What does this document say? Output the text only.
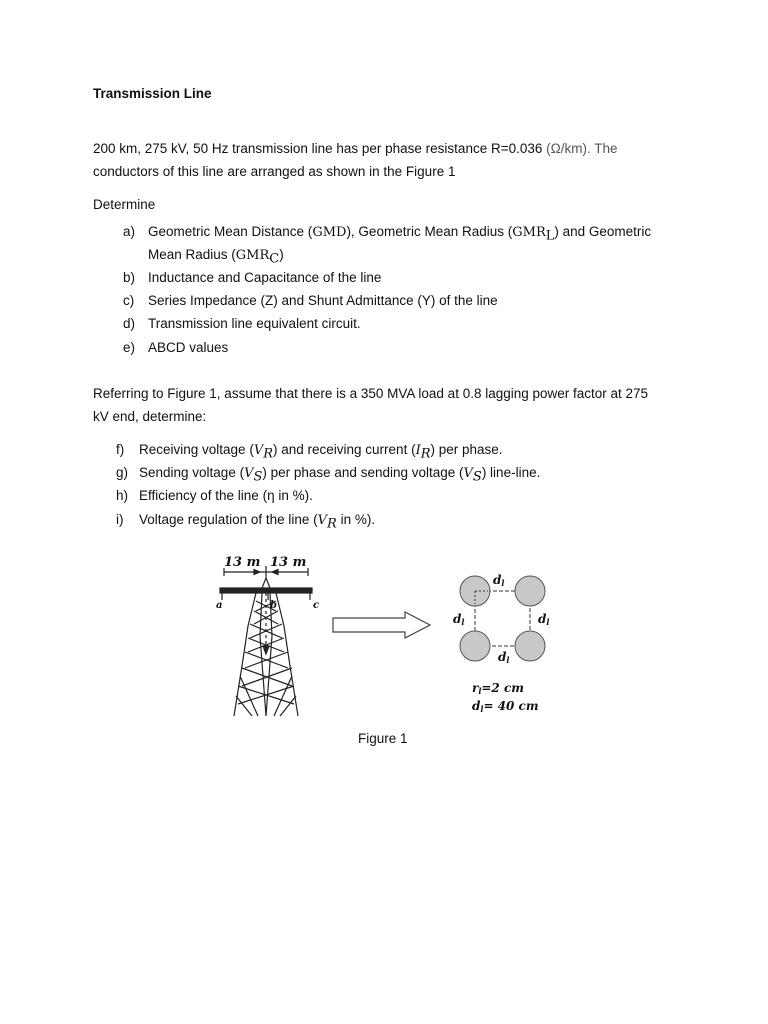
Transmission Line
200 km, 275 kV, 50 Hz transmission line has per phase resistance R=0.036 (Ω/km). The
conductors of this line are arranged as shown in the Figure 1
Determine
a) Geometric Mean Distance (GMD), Geometric Mean Radius $(GMR_L)$ and Geometric
Mean Radius $(GMR_C)$
b) Inductance and Capacitance of the line
c) Series Impedance (Z) and Shunt Admittance (Y) of the line
d) Transmission line equivalent circuit.
e) ABCD values
Referring to Figure 1, assume that there is a 350 MVA load at 0.8 lagging power factor at 275
kV end, determine:
f) Receiving voltage $(V_R)$ and receiving current $(I_R)$ per phase.
g) Sending voltage $(V_S)$ per phase and sending voltage $(V_S)$ line-line.
h) Efficiency of the line (η in %).
i) Voltage regulation of the line ($V_R$ in %).
13 m 13 m
a	b	c
dl
dl	dl
dl
rl=2 cm
dl= 40 cm
Figure 1
